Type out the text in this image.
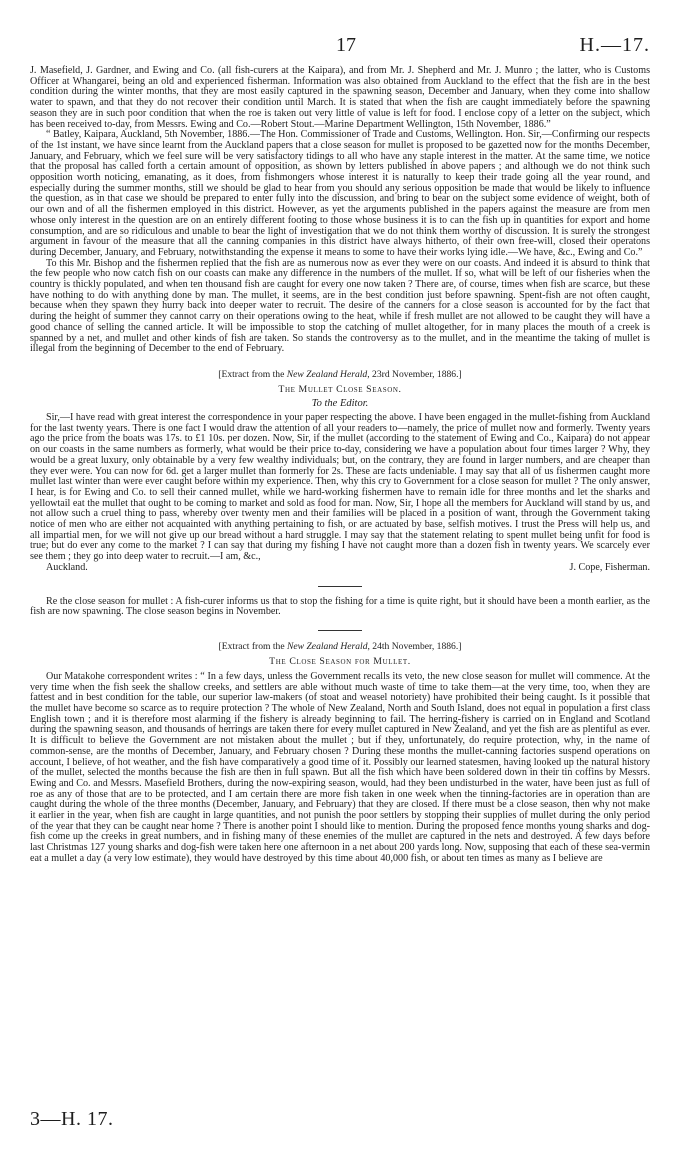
17	H.—17.

J. Masefield, J. Gardner, and Ewing and Co. (all fish-curers at the Kaipara), and from Mr. J. Shepherd and Mr. J. Munro ; the latter, who is Customs Officer at Whangarei, being an old and experienced fisherman. Information was also obtained from Auckland to the effect that the fish are in the best condition during the winter months, that they are most easily captured in the spawning season, December and January, when they come into shallow water to spawn, and that they do not recover their condition until March. It is stated that when the fish are caught immediately before the spawning season they are in such poor condition that when the roe is taken out very little of value is left for food. I enclose copy of a letter on the subject, which has been received to-day, from Messrs. Ewing and Co.—Robert Stout.—Marine Department Wellington, 15th November, 1886.”

“ Batley, Kaipara, Auckland, 5th November, 1886.—The Hon. Commissioner of Trade and Customs, Wellington. Hon. Sir,—Confirming our respects of the 1st instant, we have since learnt from the Auckland papers that a close season for mullet is proposed to be gazetted now for the months December, January, and February, which we feel sure will be very satisfactory tidings to all who have any staple interest in the matter. At the same time, we notice that the proposal has called forth a certain amount of opposition, as shown by letters published in above papers ; and although we do not think such opposition worth noticing, emanating, as it does, from fishmongers whose interest it is naturally to keep their trade going all the year round, and especially during the summer months, still we should be glad to hear from you should any serious opposition be made that would be likely to influence the question, as in that case we should be prepared to enter fully into the discussion, and bring to bear on the subject some evidence of weight, both of our own and of all the fishermen employed in this district. However, as yet the arguments published in the papers against the measure are from men whose only interest in the question are on an entirely different footing to those whose business it is to can the fish up in quantities for export and home consumption, and are so ridiculous and unable to bear the light of investigation that we do not think them worthy of discussion. It is surely the strongest argument in favour of the measure that all the canning companies in this district have always hitherto, of their own free-will, closed their operatons during December, January, and February, notwithstanding the expense it means to some to have their works lying idle.—We have, &c., Ewing and Co.”

To this Mr. Bishop and the fishermen replied that the fish are as numerous now as ever they were on our coasts. And indeed it is absurd to think that the few people who now catch fish on our coasts can make any difference in the numbers of the mullet. If so, what will be left of our fisheries when the country is thickly populated, and when ten thousand fish are caught for every one now taken ? There are, of course, times when fish are scarce, but these have nothing to do with anything done by man. The mullet, it seems, are in the best condition just before spawning. Spent-fish are not often caught, because when they spawn they hurry back into deeper water to recruit. The desire of the canners for a close season is accounted for by the fact that during the height of summer they cannot carry on their operations owing to the heat, while if fresh mullet are not allowed to be caught they will have a good chance of selling the canned article. It will be impossible to stop the catching of mullet altogether, for in many places the mouth of a creek is spanned by a net, and mullet and other kinds of fish are taken. So stands the controversy as to the mullet, and in the meantime the taking of mullet is illegal from the beginning of December to the end of February.

[Extract from the New Zealand Herald, 23rd November, 1886.]
The Mullet Close Season.
To the Editor.

Sir,—I have read with great interest the correspondence in your paper respecting the above. I have been engaged in the mullet-fishing from Auckland for the last twenty years. There is one fact I would draw the attention of all your readers to—namely, the price of mullet now and formerly. Twenty years ago the price from the boats was 17s. to £1 10s. per dozen. Now, Sir, if the mullet (according to the statement of Ewing and Co., Kaipara) do not appear on our coasts in the same numbers as formerly, what would be their price to-day, considering we have a population about four times larger ? Why, they would be a great luxury, only obtainable by a very few wealthy individuals; but, on the contrary, they are found in larger numbers, and are cheaper than they ever were. You can now for 6d. get a larger mullet than formerly for 2s. These are facts undeniable. I may say that all of us fishermen caught more mullet last winter than were ever caught before within my experience. Then, why this cry to Government for a close season for mullet ? The only answer, I hear, is for Ewing and Co. to sell their canned mullet, while we hard-working fishermen have to remain idle for three months and let the sharks and yellowtail eat the mullet that ought to be coming to market and sold as food for man. Now, Sir, I hope all the members for Auckland will stand by us, and not allow such a cruel thing to pass, whereby over twenty men and their families will be placed in a position of want, through the Government taking notice of men who are either not acquainted with anything pertaining to fish, or are actuated by base, selfish motives. I trust the Press will help us, and all impartial men, for we will not give up our bread without a hard struggle. I may say that the statement relating to spent mullet being unfit for food is true; but do ever any come to the market ? I can say that during my fishing I have not caught more than a dozen fish in twenty years. We scarcely ever see them ; they go into deep water to recruit.—I am, &c.,

Auckland.	J. Cope, Fisherman.

Re the close season for mullet : A fish-curer informs us that to stop the fishing for a time is quite right, but it should have been a month earlier, as the fish are now spawning. The close season begins in November.

[Extract from the New Zealand Herald, 24th November, 1886.]
The Close Season for Mullet.

Our Matakohe correspondent writes : “ In a few days, unless the Government recalls its veto, the new close season for mullet will commence. At the very time when the fish seek the shallow creeks, and settlers are able without much waste of time to take them—at the very time, too, when they are fattest and in best condition for the table, our superior law-makers (of stoat and weasel notoriety) have prohibited their being caught. Is it possible that the mullet have become so scarce as to require protection ? The whole of New Zealand, North and South Island, does not equal in population a first class English town ; and it is therefore most alarming if the fishery is already beginning to fail. The herring-fishery is carried on in England and Scotland during the spawning season, and thousands of herrings are taken there for every mullet captured in New Zealand, and yet the fish are as plentiful as ever. It is difficult to believe the Government are not mistaken about the mullet ; but if they, unfortunately, do require protection, why, in the name of common-sense, are the months of December, January, and February chosen ? During these months the mullet-canning factories suspend operations on account, I believe, of hot weather, and the fish have comparatively a good time of it. Possibly our learned statesmen, having looked up the natural history of the mullet, selected the months because the fish are then in full spawn. But all the fish which have been soldered down in their tin coffins by Messrs. Ewing and Co. and Messrs. Masefield Brothers, during the now-expiring season, would, had they been undisturbed in the water, have been just as full of roe as any of those that are to be protected, and I am certain there are more fish taken in one week when the tinning-factories are in operation than are caught during the whole of the three months (December, January, and February) that they are closed. If there must be a close season, then why not make it earlier in the year, when fish are caught in large quantities, and not punish the poor settlers by stopping their supplies of mullet during the only period of the year that they can be caught near home ? There is another point I should like to mention. During the proposed fence months young sharks and dog-fish come up the creeks in great numbers, and in fishing many of these enemies of the mullet are captured in the nets and destroyed. A few days before last Christmas 127 young sharks and dog-fish were taken here one afternoon in a net about 200 yards long. Now, supposing that each of these sea-vermin eat a mullet a day (a very low estimate), they would have destroyed by this time about 40,000 fish, or about ten times as many as I believe are

3—H. 17.
